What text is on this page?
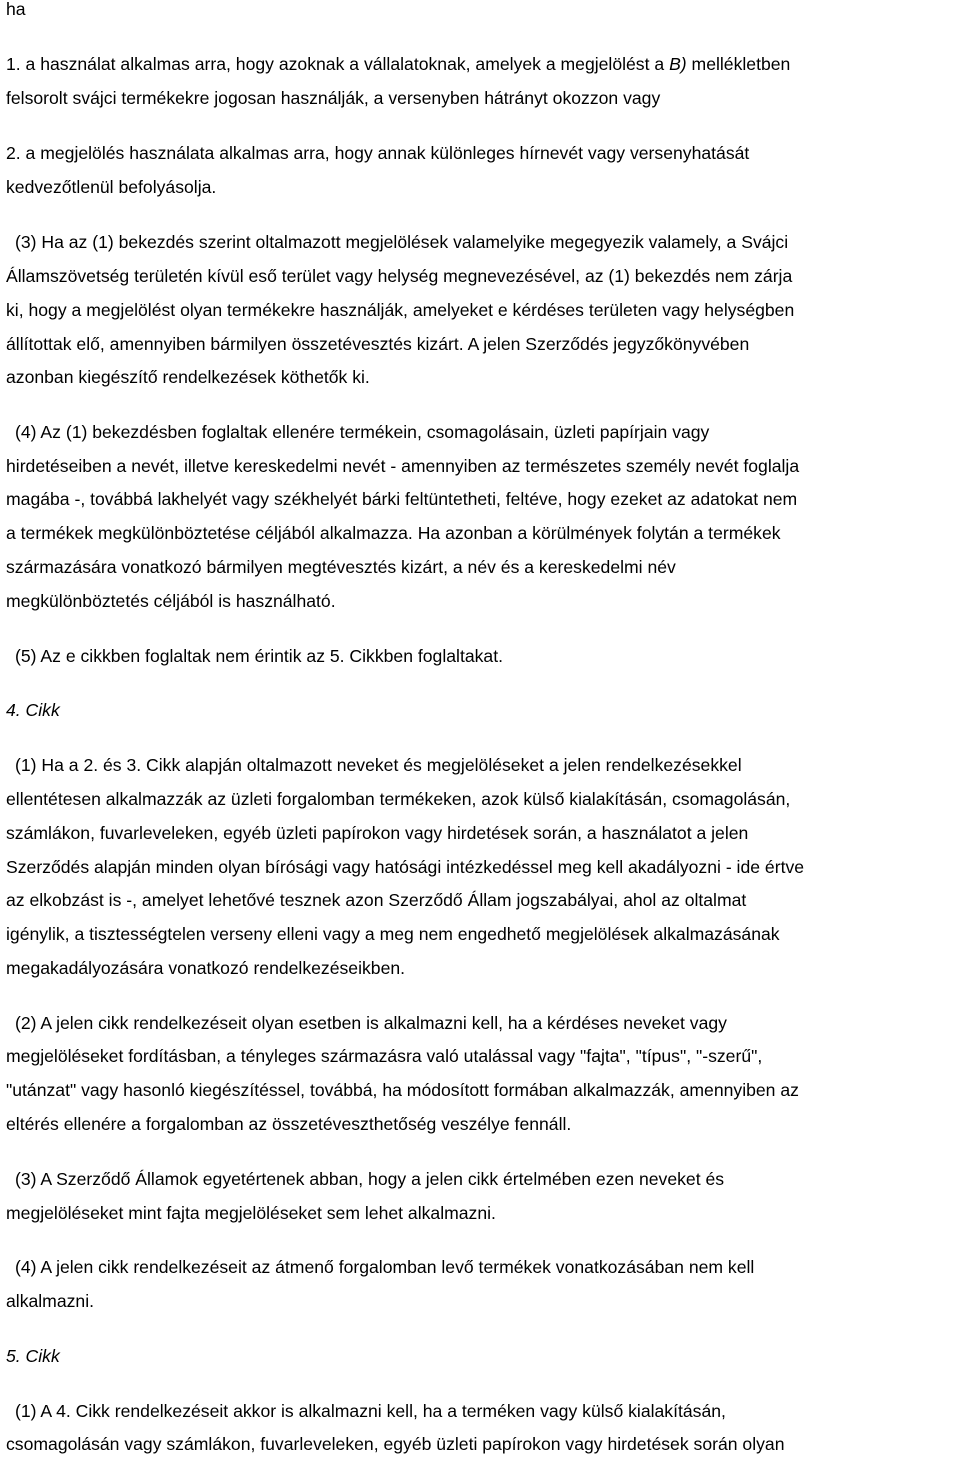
ha
1. a használat alkalmas arra, hogy azoknak a vállalatoknak, amelyek a megjelölést a B) mellékletben
felsorolt svájci termékekre jogosan használják, a versenyben hátrányt okozzon vagy
2. a megjelölés használata alkalmas arra, hogy annak különleges hírnevét vagy versenyhatását
kedvezőtlenül befolyásolja.
(3) Ha az (1) bekezdés szerint oltalmazott megjelölések valamelyike megegyezik valamely, a Svájci
Államszövetség területén kívül eső terület vagy helység megnevezésével, az (1) bekezdés nem zárja
ki, hogy a megjelölést olyan termékekre használják, amelyeket e kérdéses területen vagy helységben
állítottak elő, amennyiben bármilyen összetévesztés kizárt. A jelen Szerződés jegyzőkönyvében
azonban kiegészítő rendelkezések köthetők ki.
(4) Az (1) bekezdésben foglaltak ellenére termékein, csomagolásain, üzleti papírjain vagy
hirdetéseiben a nevét, illetve kereskedelmi nevét - amennyiben az természetes személy nevét foglalja
magába -, továbbá lakhelyét vagy székhelyét bárki feltüntetheti, feltéve, hogy ezeket az adatokat nem
a termékek megkülönböztetése céljából alkalmazza. Ha azonban a körülmények folytán a termékek
származására vonatkozó bármilyen megtévesztés kizárt, a név és a kereskedelmi név
megkülönböztetés céljából is használható.
(5) Az e cikkben foglaltak nem érintik az 5. Cikkben foglaltakat.
4. Cikk
(1) Ha a 2. és 3. Cikk alapján oltalmazott neveket és megjelöléseket a jelen rendelkezésekkel
ellentétesen alkalmazzák az üzleti forgalomban termékeken, azok külső kialakításán, csomagolásán,
számlákon, fuvarleveleken, egyéb üzleti papírokon vagy hirdetések során, a használatot a jelen
Szerződés alapján minden olyan bírósági vagy hatósági intézkedéssel meg kell akadályozni - ide értve
az elkobzást is -, amelyet lehetővé tesznek azon Szerződő Állam jogszabályai, ahol az oltalmat
igénylik, a tisztességtelen verseny elleni vagy a meg nem engedhető megjelölések alkalmazásának
megakadályozására vonatkozó rendelkezéseikben.
(2) A jelen cikk rendelkezéseit olyan esetben is alkalmazni kell, ha a kérdéses neveket vagy
megjelöléseket fordításban, a tényleges származásra való utalással vagy "fajta", "típus", "-szerű",
"utánzat" vagy hasonló kiegészítéssel, továbbá, ha módosított formában alkalmazzák, amennyiben az
eltérés ellenére a forgalomban az összetéveszthetőség veszélye fennáll.
(3) A Szerződő Államok egyetértenek abban, hogy a jelen cikk értelmében ezen neveket és
megjelöléseket mint fajta megjelöléseket sem lehet alkalmazni.
(4) A jelen cikk rendelkezéseit az átmenő forgalomban levő termékek vonatkozásában nem kell
alkalmazni.
5. Cikk
(1) A 4. Cikk rendelkezéseit akkor is alkalmazni kell, ha a terméken vagy külső kialakításán,
csomagolásán vagy számlákon, fuvarleveleken, egyéb üzleti papírokon vagy hirdetések során olyan
